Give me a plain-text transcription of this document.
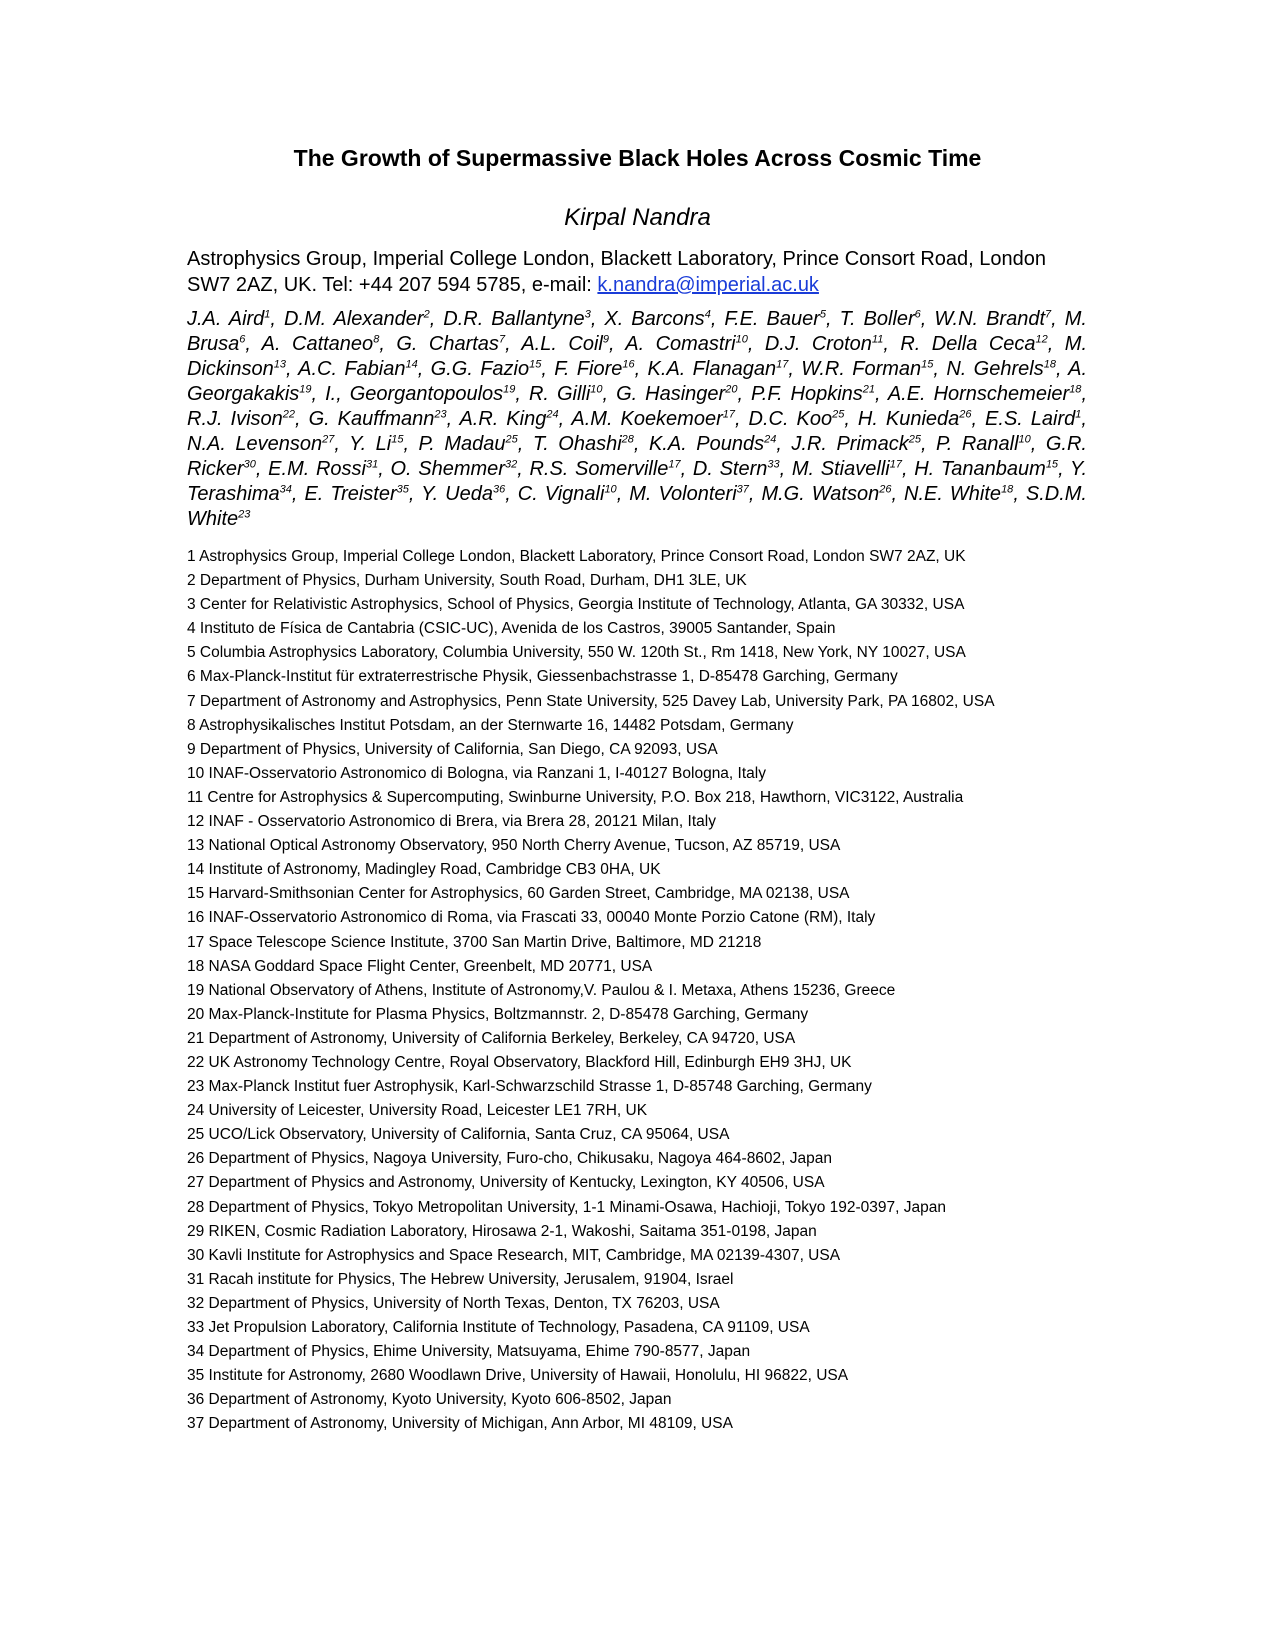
The Growth of Supermassive Black Holes Across Cosmic Time
Kirpal Nandra
Astrophysics Group, Imperial College London, Blackett Laboratory, Prince Consort Road, London SW7 2AZ, UK. Tel: +44 207 594 5785, e-mail: k.nandra@imperial.ac.uk
J.A. Aird$^1$, D.M. Alexander$^2$, D.R. Ballantyne$^3$, X. Barcons$^4$, F.E. Bauer$^5$, T. Boller$^6$, W.N. Brandt$^7$, M. Brusa$^6$, A. Cattaneo$^8$, G. Chartas$^7$, A.L. Coil$^9$, A. Comastri$^{10}$, D.J. Croton$^{11}$, R. Della Ceca$^{12}$, M. Dickinson$^{13}$, A.C. Fabian$^{14}$, G.G. Fazio$^{15}$, F. Fiore$^{16}$, K.A. Flanagan$^{17}$, W.R. Forman$^{15}$, N. Gehrels$^{18}$, A. Georgakakis$^{19}$, I., Georgantopoulos$^{19}$, R. Gilli$^{10}$, G. Hasinger$^{20}$, P.F. Hopkins$^{21}$, A.E. Hornschemeier$^{18}$, R.J. Ivison$^{22}$, G. Kauffmann$^{23}$, A.R. King$^{24}$, A.M. Koekemoer$^{17}$, D.C. Koo$^{25}$, H. Kunieda$^{26}$, E.S. Laird$^1$, N.A. Levenson$^{27}$, Y. Li$^{15}$, P. Madau$^{25}$, T. Ohashi$^{28}$, K.A. Pounds$^{24}$, J.R. Primack$^{25}$, P. Ranall$^{10}$, G.R. Ricker$^{30}$, E.M. Rossi$^{31}$, O. Shemmer$^{32}$, R.S. Somerville$^{17}$, D. Stern$^{33}$, M. Stiavelli$^{17}$, H. Tananbaum$^{15}$, Y. Terashima$^{34}$, E. Treister$^{35}$, Y. Ueda$^{36}$, C. Vignali$^{10}$, M. Volonteri$^{37}$, M.G. Watson$^{26}$, N.E. White$^{18}$, S.D.M. White$^{23}$
1 Astrophysics Group, Imperial College London, Blackett Laboratory, Prince Consort Road, London SW7 2AZ, UK
2 Department of Physics, Durham University, South Road, Durham, DH1 3LE, UK
3 Center for Relativistic Astrophysics, School of Physics, Georgia Institute of Technology, Atlanta, GA 30332, USA
4 Instituto de Física de Cantabria (CSIC-UC), Avenida de los Castros, 39005 Santander, Spain
5 Columbia Astrophysics Laboratory, Columbia University, 550 W. 120th St., Rm 1418, New York, NY 10027, USA
6 Max-Planck-Institut für extraterrestrische Physik, Giessenbachstrasse 1, D-85478 Garching, Germany
7 Department of Astronomy and Astrophysics, Penn State University, 525 Davey Lab, University Park, PA 16802, USA
8 Astrophysikalisches Institut Potsdam, an der Sternwarte 16, 14482 Potsdam, Germany
9 Department of Physics, University of California, San Diego, CA 92093, USA
10 INAF-Osservatorio Astronomico di Bologna, via Ranzani 1, I-40127 Bologna, Italy
11 Centre for Astrophysics & Supercomputing, Swinburne University, P.O. Box 218, Hawthorn, VIC3122, Australia
12 INAF - Osservatorio Astronomico di Brera, via Brera 28, 20121 Milan, Italy
13 National Optical Astronomy Observatory, 950 North Cherry Avenue, Tucson, AZ 85719, USA
14 Institute of Astronomy, Madingley Road, Cambridge CB3 0HA, UK
15 Harvard-Smithsonian Center for Astrophysics, 60 Garden Street, Cambridge, MA 02138, USA
16 INAF-Osservatorio Astronomico di Roma, via Frascati 33, 00040 Monte Porzio Catone (RM), Italy
17 Space Telescope Science Institute, 3700 San Martin Drive, Baltimore, MD 21218
18 NASA Goddard Space Flight Center, Greenbelt, MD 20771, USA
19 National Observatory of Athens, Institute of Astronomy,V. Paulou & I. Metaxa, Athens 15236, Greece
20 Max-Planck-Institute for Plasma Physics, Boltzmannstr. 2, D-85478 Garching, Germany
21 Department of Astronomy, University of California Berkeley, Berkeley, CA 94720, USA
22 UK Astronomy Technology Centre, Royal Observatory, Blackford Hill, Edinburgh EH9 3HJ, UK
23 Max-Planck Institut fuer Astrophysik, Karl-Schwarzschild Strasse 1, D-85748 Garching, Germany
24 University of Leicester, University Road, Leicester LE1 7RH, UK
25 UCO/Lick Observatory, University of California, Santa Cruz, CA 95064, USA
26 Department of Physics, Nagoya University, Furo-cho, Chikusaku, Nagoya 464-8602, Japan
27 Department of Physics and Astronomy, University of Kentucky, Lexington, KY 40506, USA
28 Department of Physics, Tokyo Metropolitan University, 1-1 Minami-Osawa, Hachioji, Tokyo 192-0397, Japan
29 RIKEN, Cosmic Radiation Laboratory, Hirosawa 2-1, Wakoshi, Saitama 351-0198, Japan
30 Kavli Institute for Astrophysics and Space Research, MIT, Cambridge, MA 02139-4307, USA
31 Racah institute for Physics, The Hebrew University, Jerusalem, 91904, Israel
32 Department of Physics, University of North Texas, Denton, TX 76203, USA
33 Jet Propulsion Laboratory, California Institute of Technology, Pasadena, CA 91109, USA
34 Department of Physics, Ehime University, Matsuyama, Ehime 790-8577, Japan
35 Institute for Astronomy, 2680 Woodlawn Drive, University of Hawaii, Honolulu, HI 96822, USA
36 Department of Astronomy, Kyoto University, Kyoto 606-8502, Japan
37 Department of Astronomy, University of Michigan, Ann Arbor, MI 48109, USA
